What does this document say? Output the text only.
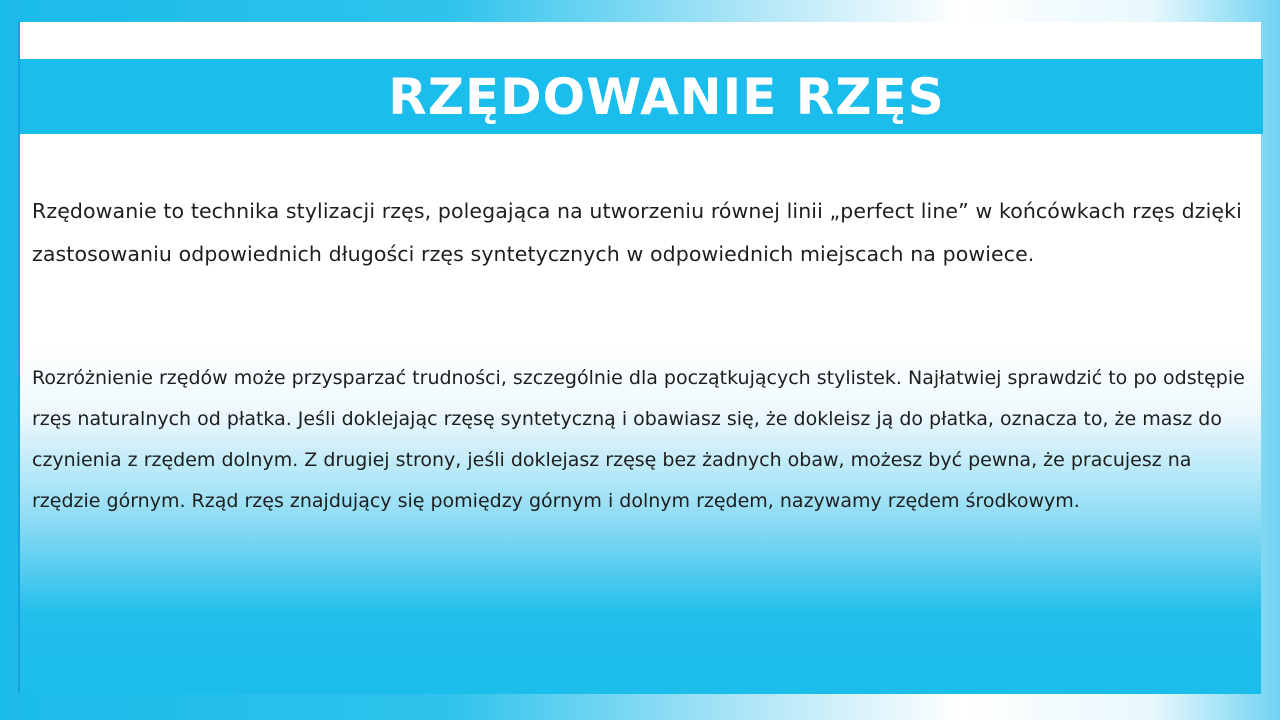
RZĘDOWANIE RZĘS

Rzędowanie to technika stylizacji rzęs, polegająca na utworzeniu równej linii „perfect line” w końcówkach rzęs dzięki zastosowaniu odpowiednich długości rzęs syntetycznych w odpowiednich miejscach na powiece.

Rozróżnienie rzędów może przysparzać trudności, szczególnie dla początkujących stylistek. Najłatwiej sprawdzić to po odstępie rzęs naturalnych od płatka. Jeśli doklejając rzęsę syntetyczną i obawiasz się, że doklеisz ją do płatka, oznacza to, że masz do czynienia z rzędem dolnym. Z drugiej strony, jeśli doklejasz rzęsę bez żadnych obaw, możesz być pewna, że pracujesz na rzędzie górnym. Rząd rzęs znajdujący się pomiędzy górnym i dolnym rzędem, nazywamy rzędem środkowym.
